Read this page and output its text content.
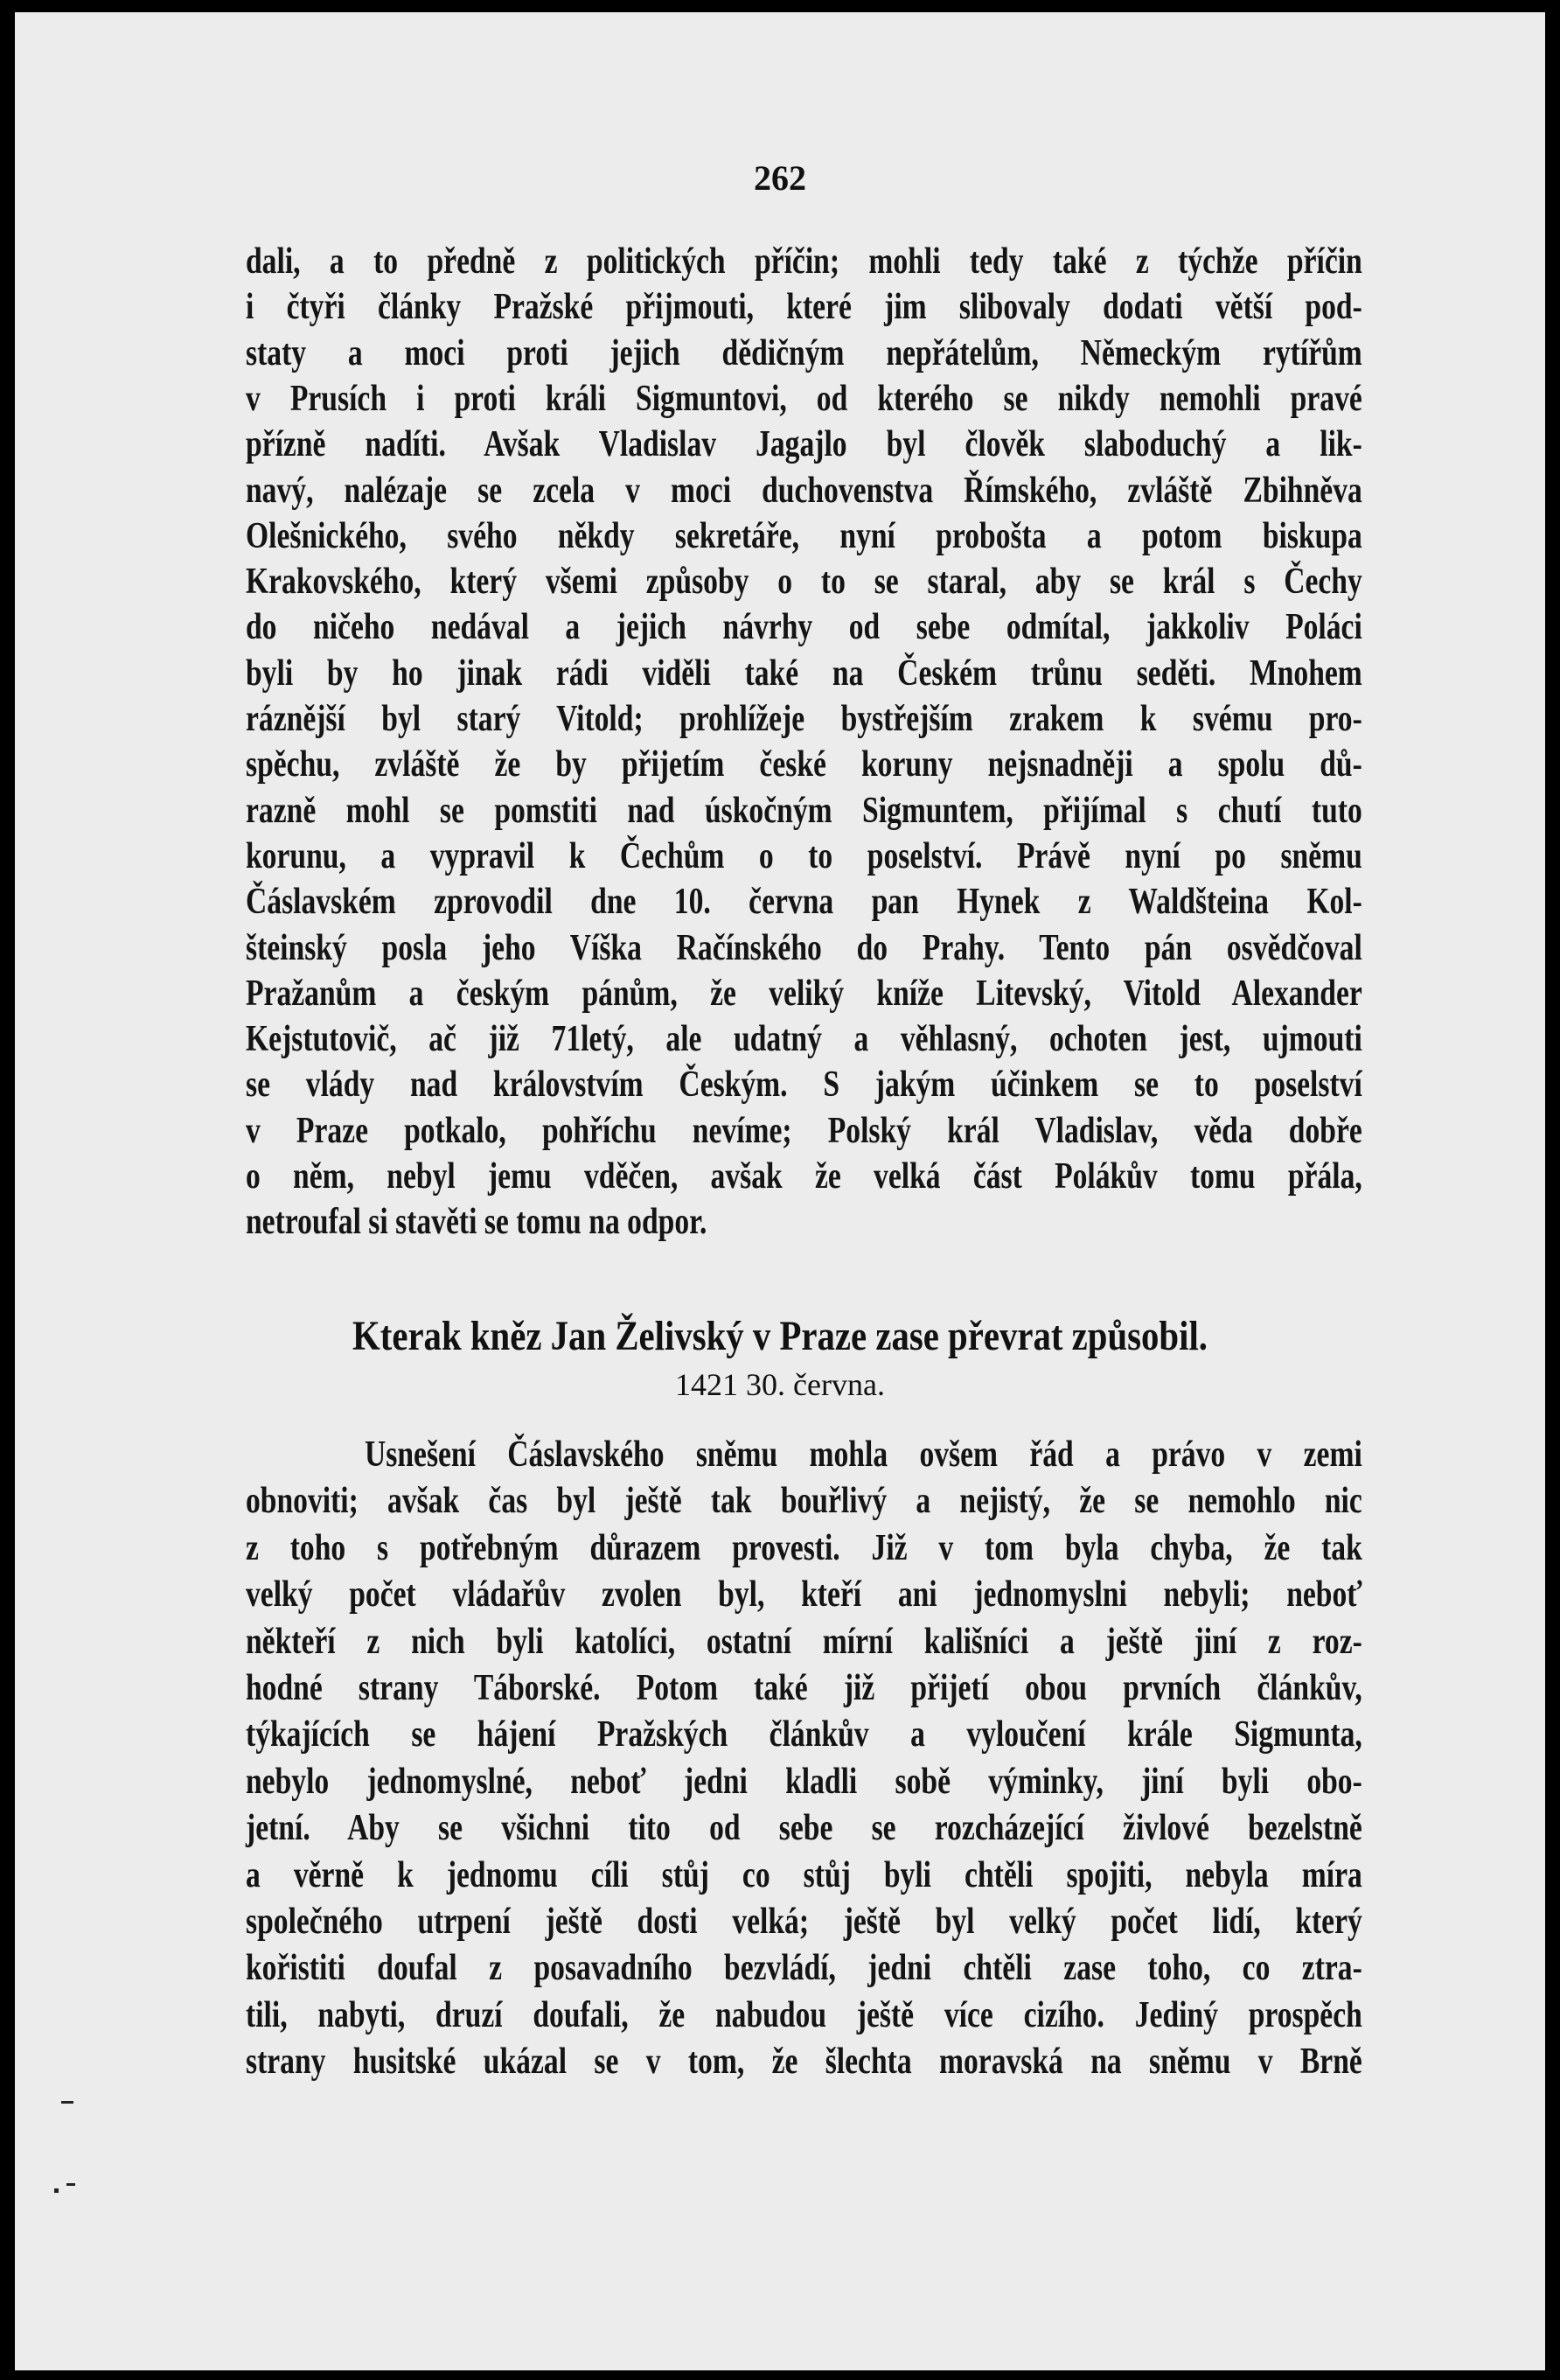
262
dali, a to předně z politických příčin; mohli tedy také z týchže příčin
i čtyři články Pražské přijmouti, které jim slibovaly dodati větší pod-
staty a moci proti jejich dědičným nepřátelům, Německým rytířům
v Prusích i proti králi Sigmuntovi, od kterého se nikdy nemohli pravé
přízně nadíti. Avšak Vladislav Jagajlo byl člověk slaboduchý a lik-
navý, nalézaje se zcela v moci duchovenstva Římského, zvláště Zbihněva
Olešnického, svého někdy sekretáře, nyní probošta a potom biskupa
Krakovského, který všemi způsoby o to se staral, aby se král s Čechy
do ničeho nedával a jejich návrhy od sebe odmítal, jakkoliv Poláci
byli by ho jinak rádi viděli také na Českém trůnu seděti. Mnohem
ráznější byl starý Vitold; prohlížeje bystřejším zrakem k svému pro-
spěchu, zvláště že by přijetím české koruny nejsnadněji a spolu dů-
razně mohl se pomstiti nad úskočným Sigmuntem, přijímal s chutí tuto
korunu, a vypravil k Čechům o to poselství. Právě nyní po sněmu
Čáslavském zprovodil dne 10. června pan Hynek z Waldšteina Kol-
šteinský posla jeho Víška Račínského do Prahy. Tento pán osvědčoval
Pražanům a českým pánům, že veliký kníže Litevský, Vitold Alexander
Kejstutovič, ač již 71letý, ale udatný a věhlasný, ochoten jest, ujmouti
se vlády nad královstvím Českým. S jakým účinkem se to poselství
v Praze potkalo, pohříchu nevíme; Polský král Vladislav, věda dobře
o něm, nebyl jemu vděčen, avšak že velká část Polákův tomu přála,
netroufal si stavěti se tomu na odpor.
Kterak kněz Jan Želivský v Praze zase převrat způsobil.
1421 30. června.
Usnešení Čáslavského sněmu mohla ovšem řád a právo v zemi
obnoviti; avšak čas byl ještě tak bouřlivý a nejistý, že se nemohlo nic
z toho s potřebným důrazem provesti. Již v tom byla chyba, že tak
velký počet vládařův zvolen byl, kteří ani jednomyslni nebyli; neboť
někteří z nich byli katolíci, ostatní mírní kališníci a ještě jiní z roz-
hodné strany Táborské. Potom také již přijetí obou prvních článkův,
týkajících se hájení Pražských článkův a vyloučení krále Sigmunta,
nebylo jednomyslné, neboť jedni kladli sobě výminky, jiní byli obo-
jetní. Aby se všichni tito od sebe se rozcházející živlové bezelstně
a věrně k jednomu cíli stůj co stůj byli chtěli spojiti, nebyla míra
společného utrpení ještě dosti velká; ještě byl velký počet lidí, který
kořistiti doufal z posavadního bezvládí, jedni chtěli zase toho, co ztra-
tili, nabyti, druzí doufali, že nabudou ještě více cizího. Jediný prospěch
strany husitské ukázal se v tom, že šlechta moravská na sněmu v Brně
